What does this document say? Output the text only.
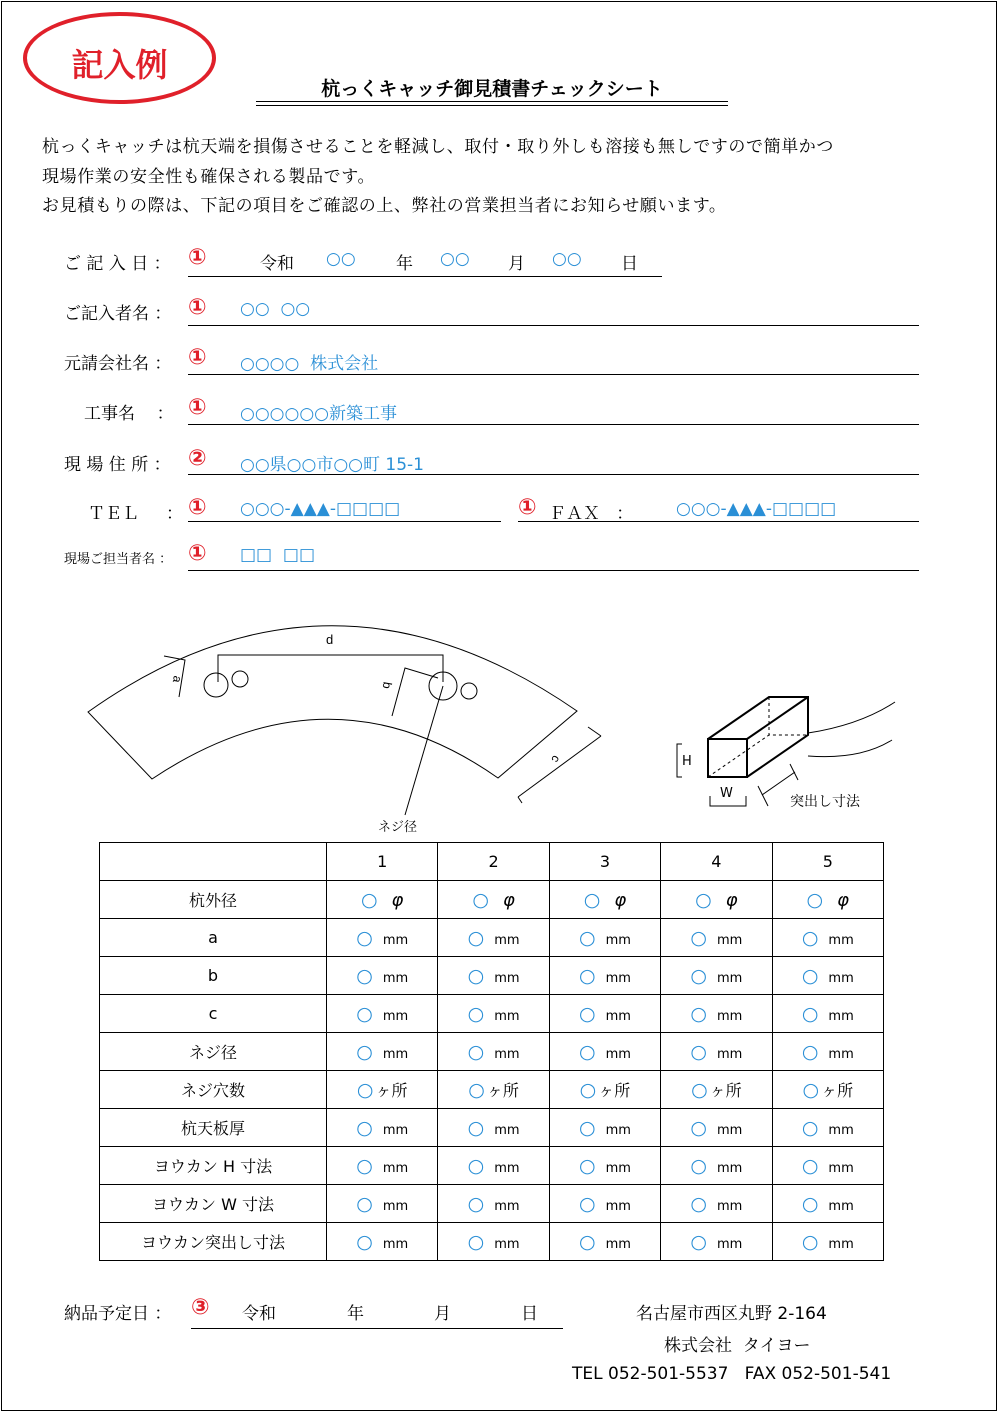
記入例
杭っくキャッチ御見積書チェックシート
杭っくキャッチは杭天端を損傷させることを軽減し、取付・取り外しも溶接も無しですので簡単かつ
現場作業の安全性も確保される製品です。
お見積もりの際は、下記の項目をご確認の上、弊社の営業担当者にお知らせ願います。
ご 記 入 日 ： ①	令和 ○○ 年 ○○ 月 ○○ 日
ご記入者名 ： ① ○○  ○○
元請会社名 ： ① ○○○○  株式会社
工事名    ： ① ○○○○○○新築工事
現 場 住 所 ： ② ○○県○○市○○町 15-1
ＴＥＬ     ： ① ○○○-▲▲▲-□□□□	① ＦＡＸ   ：	○○○-▲▲▲-□□□□
現場ご担当者名 ： ① □□  □□
a
d
b
c
ネジ径
H
W
突出し寸法
	1	2	3	4	5
杭外径	○ φ	○ φ	○ φ	○ φ	○ φ
a	○ mm	○ mm	○ mm	○ mm	○ mm
b	○ mm	○ mm	○ mm	○ mm	○ mm
c	○ mm	○ mm	○ mm	○ mm	○ mm
ネジ径	○ mm	○ mm	○ mm	○ mm	○ mm
ネジ穴数	○ ヶ所	○ ヶ所	○ ヶ所	○ ヶ所	○ ヶ所
杭天板厚	○ mm	○ mm	○ mm	○ mm	○ mm
ヨウカン H 寸法	○ mm	○ mm	○ mm	○ mm	○ mm
ヨウカン W 寸法	○ mm	○ mm	○ mm	○ mm	○ mm
ヨウカン突出し寸法	○ mm	○ mm	○ mm	○ mm	○ mm
納品予定日 ： ③ 令和	年	月	日	名古屋市西区丸野 2-164
株式会社  タイヨー
TEL 052-501-5537   FAX 052-501-541
